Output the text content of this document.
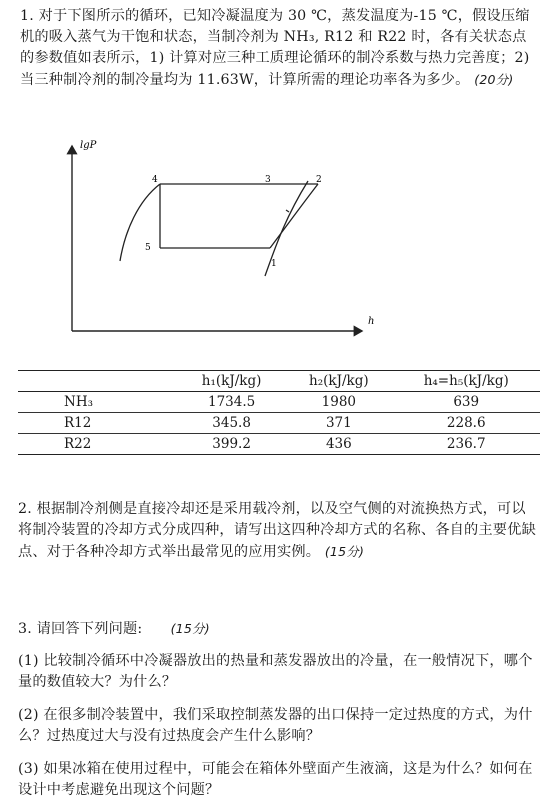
1. 对于下图所示的循环，已知冷凝温度为 30 ℃，蒸发温度为-15 ℃，假设压缩机的吸入蒸气为干饱和状态，当制冷剂为 NH₃, R12 和 R22 时，各有关状态点的参数值如表所示，1) 计算对应三种工质理论循环的制冷系数与热力完善度；2) 当三种制冷剂的制冷量均为 11.63W，计算所需的理论功率各为多少。 (20分)

lgP
h
1
2
3
4
5
	h₁(kJ/kg)	h₂(kJ/kg)	h₄=h₅(kJ/kg)
NH₃	1734.5	1980	639
R12	345.8	371	228.6
R22	399.2	436	236.7

2. 根据制冷剂侧是直接冷却还是采用载冷剂，以及空气侧的对流换热方式，可以将制冷装置的冷却方式分成四种，请写出这四种冷却方式的名称、各自的主要优缺点、对于各种冷却方式举出最常见的应用实例。 (15分)

3. 请回答下列问题: (15分)

(1) 比较制冷循环中冷凝器放出的热量和蒸发器放出的冷量，在一般情况下，哪个量的数值较大？为什么？

(2) 在很多制冷装置中，我们采取控制蒸发器的出口保持一定过热度的方式，为什么？过热度过大与没有过热度会产生什么影响？

(3) 如果冰箱在使用过程中，可能会在箱体外壁面产生液滴，这是为什么？如何在设计中考虑避免出现这个问题？
